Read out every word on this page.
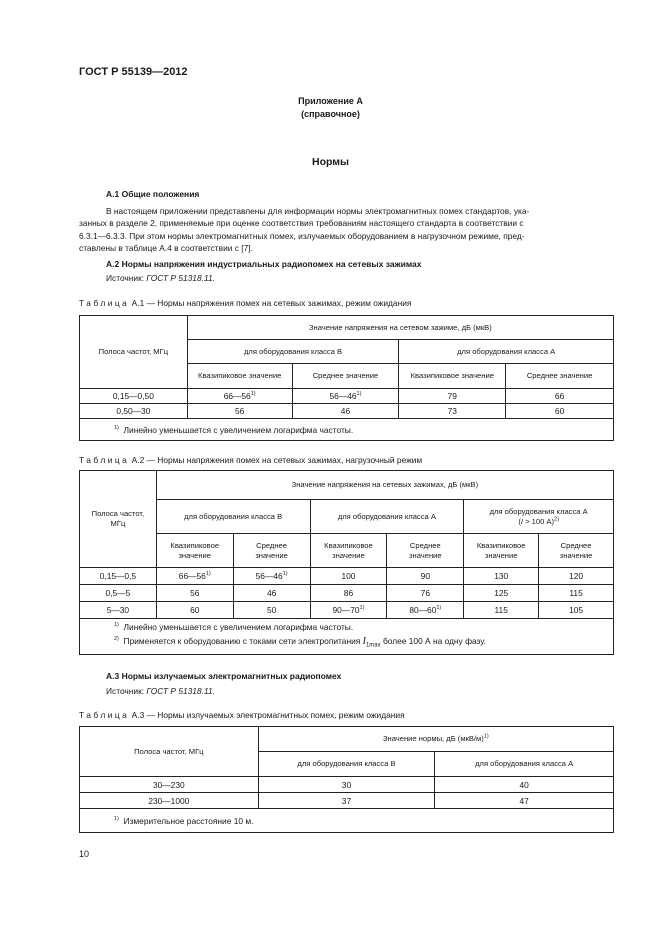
ГОСТ Р 55139—2012
Приложение А
(справочное)
Нормы
А.1 Общие положения
В настоящем приложении представлены для информации нормы электромагнитных помех стандартов, ука-
занных в разделе 2, применяемые при оценке соответствия требованиям настоящего стандарта в соответствии с
6.3.1—6.3.3. При этом нормы электромагнитных помех, излучаемых оборудованием в нагрузочном режиме, пред-
ставлены в таблице А.4 в соответствии с [7].
А.2 Нормы напряжения индустриальных радиопомех на сетевых зажимах
Источник: ГОСТ Р 51318.11.
Таблица А.1 — Нормы напряжения помех на сетевых зажимах, режим ожидания
Полоса частот, МГц	Значение напряжения на сетевом зажиме, дБ (мкВ)			
	для оборудования класса B		для оборудования класса А	
	Квазипиковое значение	Среднее значение	Квазипиковое значение	Среднее значение
0,15—0,50	66—56$^{1)}$	56—46$^{1)}$	79	66
0,50—30	56	46	73	60
$^{1)}$ Линейно уменьшается с увеличением логарифма частоты.				
Таблица А.2 — Нормы напряжения помех на сетевых зажимах, нагрузочный режим
Полоса частот,
МГц	Значение напряжения на сетевых зажимах, дБ (мкВ)					
	для оборудования класса B		для оборудования класса А		для оборудования класса А
(I > 100 А)$^{2)}$
	Квазипиковое
значение	Среднее
значение	Квазипиковое
значение	Среднее
значение	Квазипиковое
значение	Среднее
значение
0,15—0,5	66—56$^{1)}$	56—46$^{1)}$	100	90	130	120
0,5—5	56	46	86	76	125	115
5—30	60	50	90—70$^{1)}$	80—60$^{1)}$	115	105

$^{1)}$ Линейно уменьшается с увеличением логарифма частоты.
$^{2)}$ Применяется к оборудованию с токами сети электропитания $I_{1max}$ более 100 А на одну фазу.						
А.3 Нормы излучаемых электромагнитных радиопомех
Источник: ГОСТ Р 51318.11.
Таблица А.3 — Нормы излучаемых электромагнитных помех, режим ожидания
Полоса частот, МГц	Значение нормы, дБ $(мкВ/м)^{1)}$
	для оборудования класса B	для оборудования класса А
30—230	30	40
230—1000	37	47
$^{1)}$ Измерительное расстояние 10 м.		
10
